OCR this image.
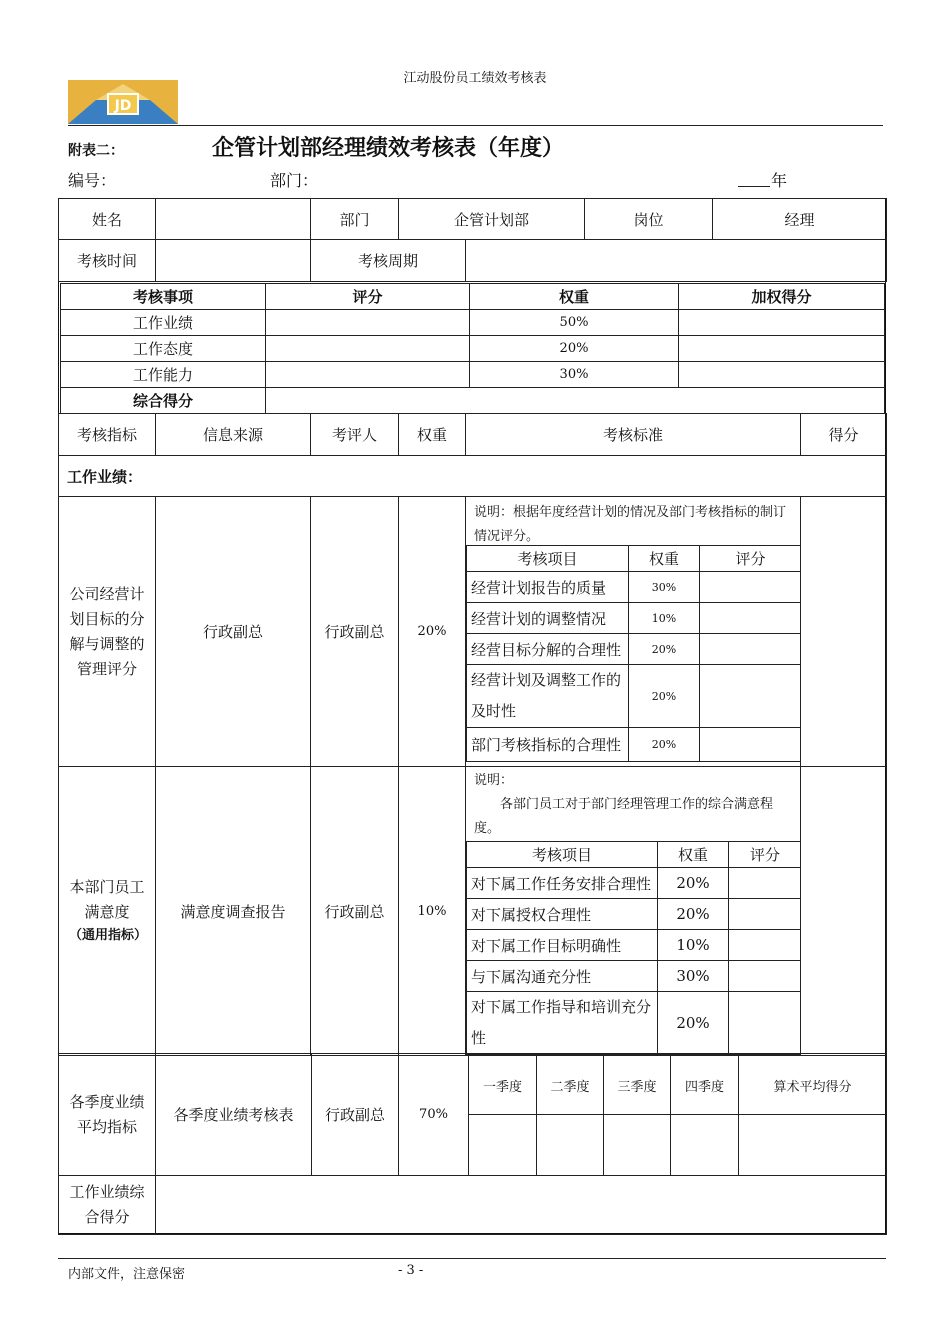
江动股份员工绩效考核表
JD
附表二：	企管计划部经理绩效考核表（年度）
编号：	部门：	年
姓名		部门	企管计划部	岗位	经理
考核时间		考核周期	
考核事项	评分	权重	加权得分
工作业绩		50%	
工作态度		20%	
工作能力		30%	
综合得分			
考核指标	信息来源	考评人	权重	考核标准	得分
工作业绩：
公司经营计划目标的分解与调整的管理评分	行政副总	行政副总	20%	
说明：根据年度经营计划的情况及部门考核指标的制订情况评分。
考核项目	权重	评分
经营计划报告的质量	30%	
经营计划的调整情况	10%	
经营目标分解的合理性	20%	
经营计划及调整工作的及时性	20%	
部门考核指标的合理性	20%	

本部门员工满意度
（通用指标）
	满意度调查报告	行政副总	10%	
说明：
各部门员工对于部门经理管理工作的综合满意程度。
考核项目	权重	评分
对下属工作任务安排合理性	20%	
对下属授权合理性	20%	
对下属工作目标明确性	10%	
与下属沟通充分性	30%	
对下属工作指导和培训充分性	20%	

各季度业绩平均指标	各季度业绩考核表	行政副总	70%	一季度	二季度	三季度	四季度	算术平均得分

工作业绩综合得分								
内部文件，注意保密	- 3 -
